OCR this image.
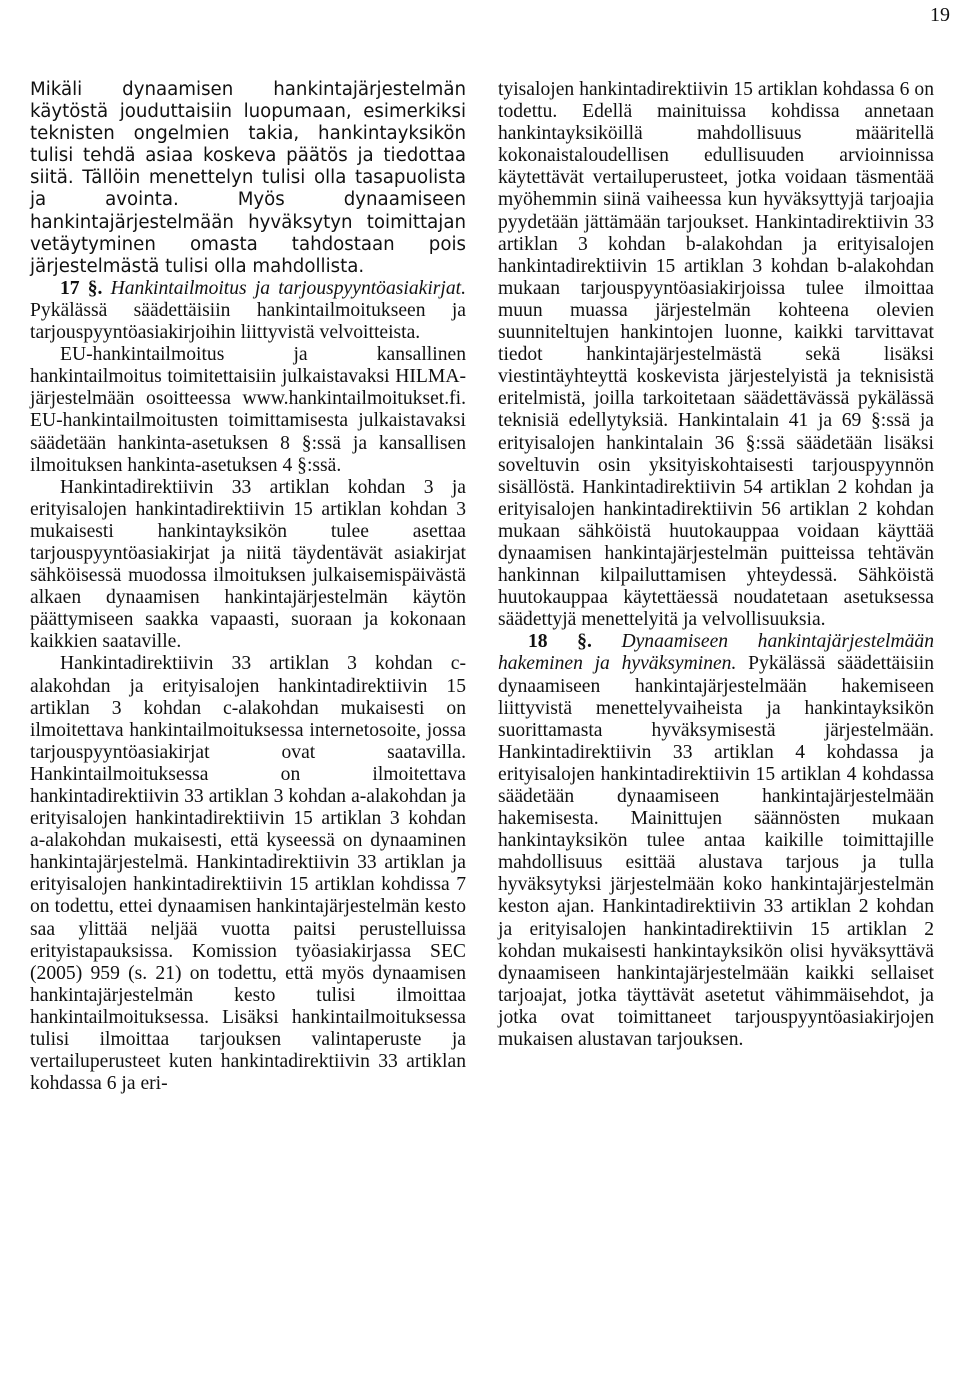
19

Mikäli dynaamisen hankintajärjestelmän käytöstä jouduttaisiin luopumaan, esimerkiksi teknisten ongelmien takia, hankintayksikön tulisi tehdä asiaa koskeva päätös ja tiedottaa siitä. Tällöin menettelyn tulisi olla tasapuolista ja avointa. Myös dynaamiseen hankintajärjestelmään hyväksytyn toimittajan vetäytyminen omasta tahdostaan pois järjestelmästä tulisi olla mahdollista.

17 §. Hankintailmoitus ja tarjouspyyntöasiakirjat. Pykälässä säädettäisiin hankintailmoitukseen ja tarjouspyyntöasiakirjoihin liittyvistä velvoitteista.

EU-hankintailmoitus ja kansallinen hankintailmoitus toimitettaisiin julkaistavaksi HILMA- järjestelmään osoitteessa www.hankintailmoitukset.fi. EU-hankintailmoitusten toimittamisesta julkaistavaksi säädetään hankinta-asetuksen 8 §:ssä ja kansallisen ilmoituksen hankinta-asetuksen 4 §:ssä.

Hankintadirektiivin 33 artiklan kohdan 3 ja erityisalojen hankintadirektiivin 15 artiklan kohdan 3 mukaisesti hankintayksikön tulee asettaa tarjouspyyntöasiakirjat ja niitä täydentävät asiakirjat sähköisessä muodossa ilmoituksen julkaisemispäivästä alkaen dynaamisen hankintajärjestelmän käytön päättymiseen saakka vapaasti, suoraan ja kokonaan kaikkien saataville.

Hankintadirektiivin 33 artiklan 3 kohdan c-alakohdan ja erityisalojen hankintadirektiivin 15 artiklan 3 kohdan c-alakohdan mukaisesti on ilmoitettava hankintailmoituksessa internetosoite, jossa tarjouspyyntöasiakirjat ovat saatavilla. Hankintailmoituksessa on ilmoitettava hankintadirektiivin 33 artiklan 3 kohdan a-alakohdan ja erityisalojen hankintadirektiivin 15 artiklan 3 kohdan a-alakohdan mukaisesti, että kyseessä on dynaaminen hankintajärjestelmä. Hankintadirektiivin 33 artiklan ja erityisalojen hankintadirektiivin 15 artiklan kohdissa 7 on todettu, ettei dynaamisen hankintajärjestelmän kesto saa ylittää neljää vuotta paitsi perustelluissa erityistapauksissa. Komission työasiakirjassa SEC (2005) 959 (s. 21) on todettu, että myös dynaamisen hankintajärjestelmän kesto tulisi ilmoittaa hankintailmoituksessa. Lisäksi hankintailmoituksessa tulisi ilmoittaa tarjouksen valintaperuste ja vertailuperusteet kuten hankintadirektiivin 33 artiklan kohdassa 6 ja eri-

tyisalojen hankintadirektiivin 15 artiklan kohdassa 6 on todettu. Edellä mainituissa kohdissa annetaan hankintayksiköillä mahdollisuus määritellä kokonaistaloudellisen edullisuuden arvioinnissa käytettävät vertailuperusteet, jotka voidaan täsmentää myöhemmin siinä vaiheessa kun hyväksyttyjä tarjoajia pyydetään jättämään tarjoukset. Hankintadirektiivin 33 artiklan 3 kohdan b-alakohdan ja erityisalojen hankintadirektiivin 15 artiklan 3 kohdan b-alakohdan mukaan tarjouspyyntöasiakirjoissa tulee ilmoittaa muun muassa järjestelmän kohteena olevien suunniteltujen hankintojen luonne, kaikki tarvittavat tiedot hankintajärjestelmästä sekä lisäksi viestintäyhteyttä koskevista järjestelyistä ja teknisistä eritelmistä, joilla tarkoitetaan säädettävässä pykälässä teknisiä edellytyksiä. Hankintalain 41 ja 69 §:ssä ja erityisalojen hankintalain 36 §:ssä säädetään lisäksi soveltuvin osin yksityiskohtaisesti tarjouspyynnön sisällöstä. Hankintadirektiivin 54 artiklan 2 kohdan ja erityisalojen hankintadirektiivin 56 artiklan 2 kohdan mukaan sähköistä huutokauppaa voidaan käyttää dynaamisen hankintajärjestelmän puitteissa tehtävän hankinnan kilpailuttamisen yhteydessä. Sähköistä huutokauppaa käytettäessä noudatetaan asetuksessa säädettyjä menettelyitä ja velvollisuuksia.

18 §. Dynaamiseen hankintajärjestelmään hakeminen ja hyväksyminen. Pykälässä säädettäisiin dynaamiseen hankintajärjestelmään hakemiseen liittyvistä menettelyvaiheista ja hankintayksikön suorittamasta hyväksymisestä järjestelmään. Hankintadirektiivin 33 artiklan 4 kohdassa ja erityisalojen hankintadirektiivin 15 artiklan 4 kohdassa säädetään dynaamiseen hankintajärjestelmään hakemisesta. Mainittujen säännösten mukaan hankintayksikön tulee antaa kaikille toimittajille mahdollisuus esittää alustava tarjous ja tulla hyväksytyksi järjestelmään koko hankintajärjestelmän keston ajan. Hankintadirektiivin 33 artiklan 2 kohdan ja erityisalojen hankintadirektiivin 15 artiklan 2 kohdan mukaisesti hankintayksikön olisi hyväksyttävä dynaamiseen hankintajärjestelmään kaikki sellaiset tarjoajat, jotka täyttävät asetetut vähimmäisehdot, ja jotka ovat toimittaneet tarjouspyyntöasiakirjojen mukaisen alustavan tarjouksen.
